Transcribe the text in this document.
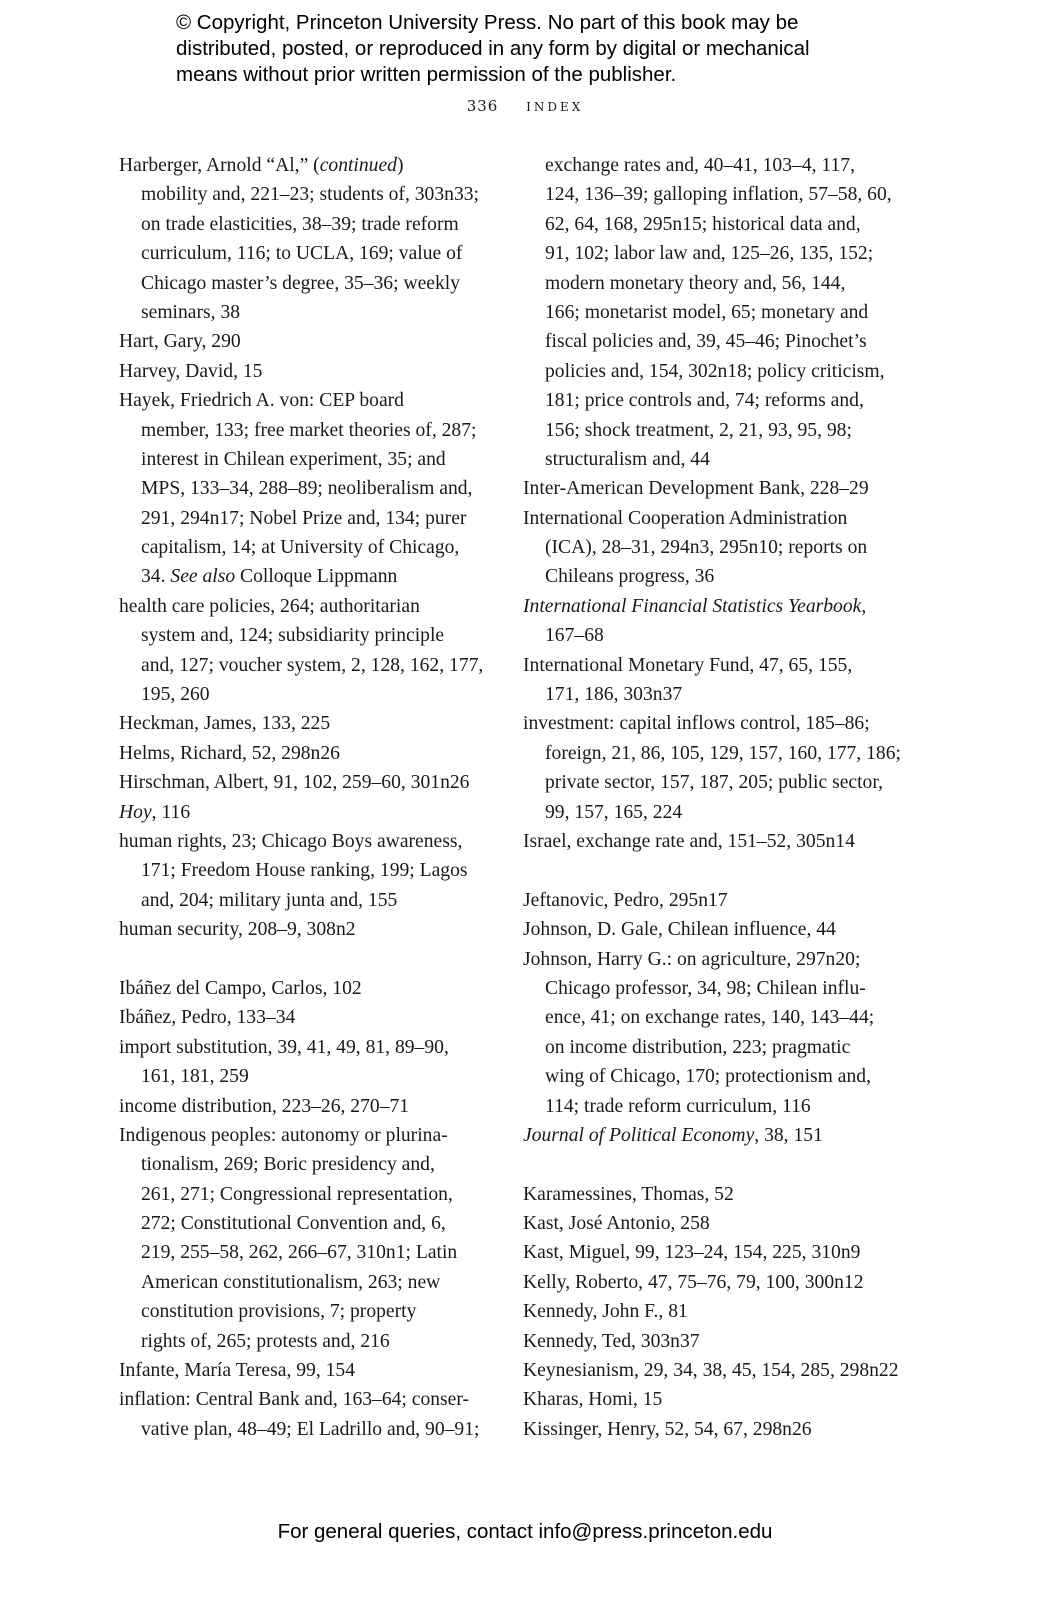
© Copyright, Princeton University Press. No part of this book may be
distributed, posted, or reproduced in any form by digital or mechanical
means without prior written permission of the publisher.
336 index
Harberger, Arnold “Al,” (continued)
mobility and, 221–23; students of, 303n33;
on trade elasticities, 38–39; trade reform
curriculum, 116; to UCLA, 169; value of
Chicago master’s degree, 35–36; weekly
seminars, 38
Hart, Gary, 290
Harvey, David, 15
Hayek, Friedrich A. von: CEP board
member, 133; free market theories of, 287;
interest in Chilean experiment, 35; and
MPS, 133–34, 288–89; neoliberalism and,
291, 294n17; Nobel Prize and, 134; purer
capitalism, 14; at University of Chicago,
34. See also Colloque Lippmann
health care policies, 264; authoritarian
system and, 124; subsidiarity principle
and, 127; voucher system, 2, 128, 162, 177,
195, 260
Heckman, James, 133, 225
Helms, Richard, 52, 298n26
Hirschman, Albert, 91, 102, 259–60, 301n26
Hoy, 116
human rights, 23; Chicago Boys awareness,
171; Freedom House ranking, 199; Lagos
and, 204; military junta and, 155
human security, 208–9, 308n2
Ibáñez del Campo, Carlos, 102
Ibáñez, Pedro, 133–34
import substitution, 39, 41, 49, 81, 89–90,
161, 181, 259
income distribution, 223–26, 270–71
Indigenous peoples: autonomy or plurina-
tionalism, 269; Boric presidency and,
261, 271; Congressional representation,
272; Constitutional Convention and, 6,
219, 255–58, 262, 266–67, 310n1; Latin
American constitutionalism, 263; new
constitution provisions, 7; property
rights of, 265; protests and, 216
Infante, María Teresa, 99, 154
inflation: Central Bank and, 163–64; conser-
vative plan, 48–49; El Ladrillo and, 90–91;
exchange rates and, 40–41, 103–4, 117,
124, 136–39; galloping inflation, 57–58, 60,
62, 64, 168, 295n15; historical data and,
91, 102; labor law and, 125–26, 135, 152;
modern monetary theory and, 56, 144,
166; monetarist model, 65; monetary and
fiscal policies and, 39, 45–46; Pinochet’s
policies and, 154, 302n18; policy criticism,
181; price controls and, 74; reforms and,
156; shock treatment, 2, 21, 93, 95, 98;
structuralism and, 44
Inter-American Development Bank, 228–29
International Cooperation Administration
(ICA), 28–31, 294n3, 295n10; reports on
Chileans progress, 36
International Financial Statistics Yearbook,
167–68
International Monetary Fund, 47, 65, 155,
171, 186, 303n37
investment: capital inflows control, 185–86;
foreign, 21, 86, 105, 129, 157, 160, 177, 186;
private sector, 157, 187, 205; public sector,
99, 157, 165, 224
Israel, exchange rate and, 151–52, 305n14
Jeftanovic, Pedro, 295n17
Johnson, D. Gale, Chilean influence, 44
Johnson, Harry G.: on agriculture, 297n20;
Chicago professor, 34, 98; Chilean influ-
ence, 41; on exchange rates, 140, 143–44;
on income distribution, 223; pragmatic
wing of Chicago, 170; protectionism and,
114; trade reform curriculum, 116
Journal of Political Economy, 38, 151
Karamessines, Thomas, 52
Kast, José Antonio, 258
Kast, Miguel, 99, 123–24, 154, 225, 310n9
Kelly, Roberto, 47, 75–76, 79, 100, 300n12
Kennedy, John F., 81
Kennedy, Ted, 303n37
Keynesianism, 29, 34, 38, 45, 154, 285, 298n22
Kharas, Homi, 15
Kissinger, Henry, 52, 54, 67, 298n26
For general queries, contact info@press.princeton.edu
